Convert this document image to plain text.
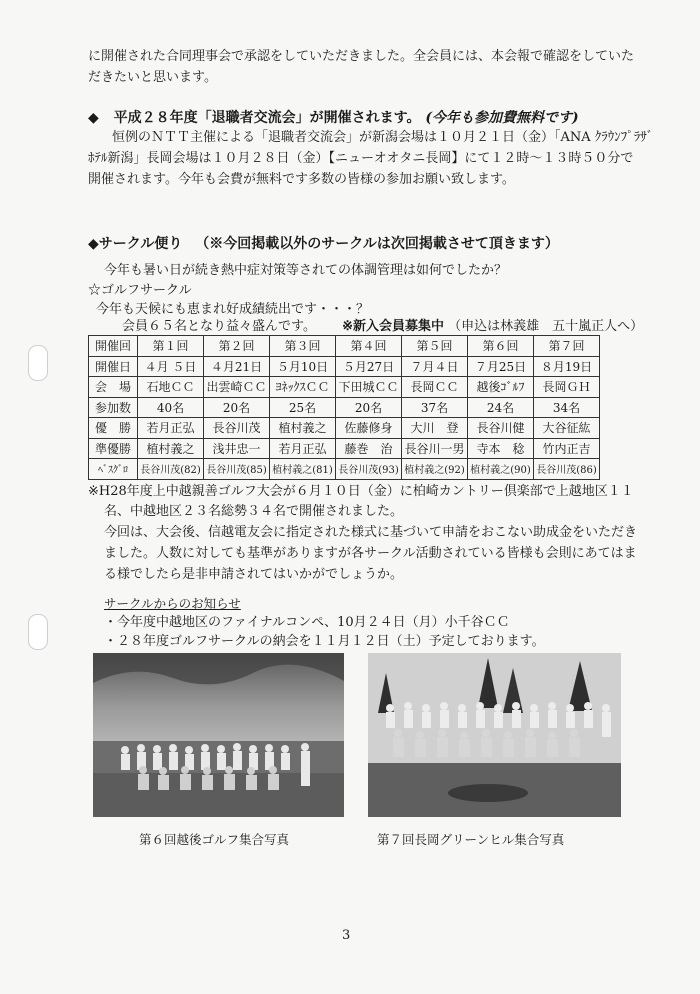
に開催された合同理事会で承認をしていただきました。全会員には、本会報で確認をしていた

だきたいと思います。

◆ 平成２８年度「退職者交流会」が開催されます。 (今年も参加費無料です)

恒例のＮＴＴ主催による「退職者交流会」が新潟会場は１０月２１日（金）「ANA ｸﾗｳﾝﾌﾟﾗｻﾞ

ﾎﾃﾙ新潟」長岡会場は１０月２８日（金）【ニューオオタニ長岡】にて１２時～１３時５０分で

開催されます。今年も会費が無料です多数の皆様の参加お願い致します。

◆サークル便り （※今回掲載以外のサークルは次回掲載させて頂きます）

今年も暑い日が続き熱中症対策等されての体調管理は如何でしたか？

☆ゴルフサークル

今年も天候にも恵まれ好成績続出です・・・？

会員６５名となり益々盛んです。 ※新入会員募集中 （申込は林義雄　五十嵐正人へ）
開催回	第１回	第２回	第３回	第４回	第５回	第６回	第７回
開催日	４月 ５日	４月21日	５月10日	５月27日	７月４日	７月25日	８月19日
会　場	石地ＣＣ	出雲崎ＣＣ	ﾖﾈｯｸｽＣＣ	下田城ＣＣ	長岡ＣＣ	越後ｺﾞﾙﾌ	長岡ＧＨ
参加数	40名	20名	25名	20名	37名	24名	34名
優　勝	若月正弘	長谷川茂	植村義之	佐藤修身	大川　登	長谷川健	大谷征紘
準優勝	植村義之	浅井忠一	若月正弘	藤巻　治	長谷川一男	寺本　稔	竹内正吉
ﾍﾞｽｸﾞﾛ	長谷川茂(82)	長谷川茂(85)	植村義之(81)	長谷川茂(93)	植村義之(92)	植村義之(90)	長谷川茂(86)

※H28年度上中越親善ゴルフ大会が６月１０日（金）に柏崎カントリー倶楽部で上越地区１１

名、中越地区２３名総勢３４名で開催されました。

今回は、大会後、信越電友会に指定された様式に基づいて申請をおこない助成金をいただき

ました。人数に対しても基準がありますが各サークル活動されている皆様も会則にあてはま

る様でしたら是非申請されてはいかがでしょうか。

サークルからのお知らせ

・今年度中越地区のファイナルコンペ、10月２４日（月）小千谷ＣＣ

・２８年度ゴルフサークルの納会を１１月１２日（土）予定しております。

第６回越後ゴルフ集合写真	第７回長岡グリーンヒル集合写真

3
